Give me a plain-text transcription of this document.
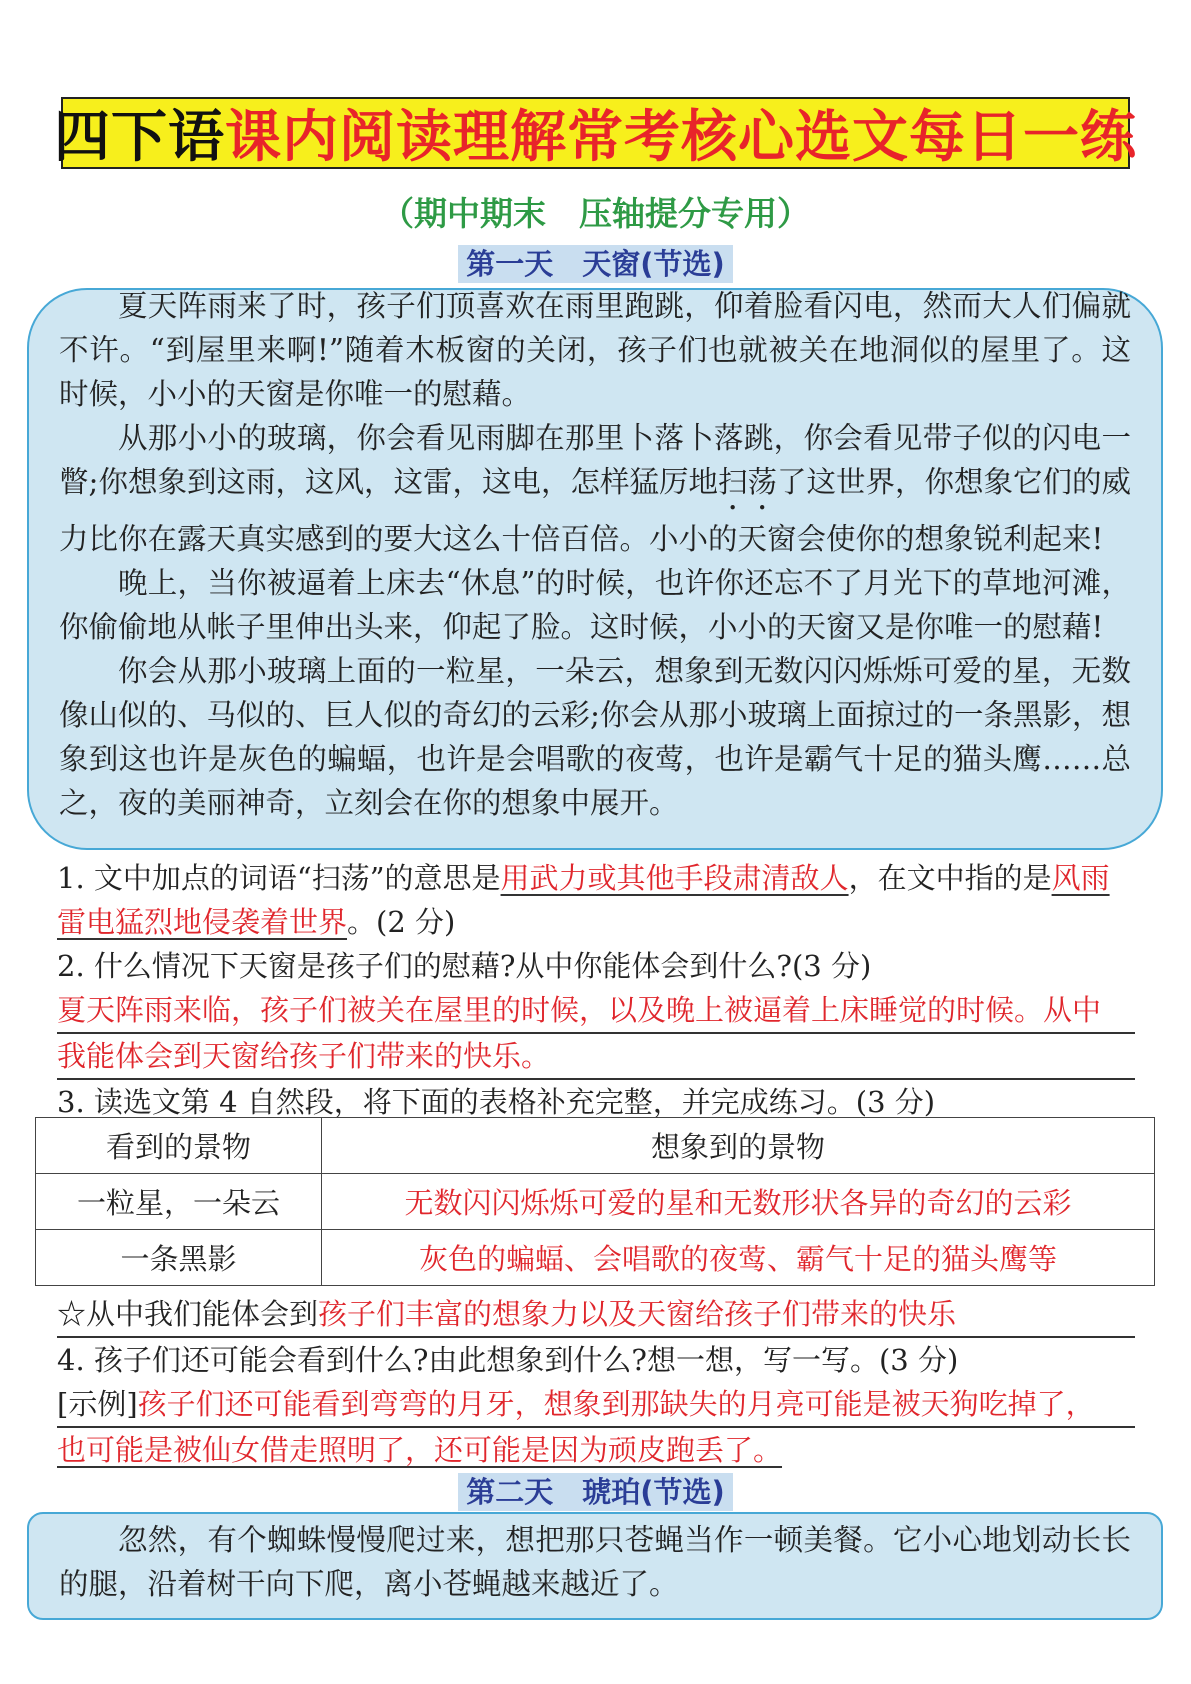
四下语 课内阅读理解常考核心选文每日一练
（期中期末　压轴提分专用）
第一天　天窗(节选)

夏天阵雨来了时，孩子们顶喜欢在雨里跑跳，仰着脸看闪电，然而大人们偏就不许。“到屋里来啊!”随着木板窗的关闭，孩子们也就被关在地洞似的屋里了。这时候，小小的天窗是你唯一的慰藉。

从那小小的玻璃，你会看见雨脚在那里卜落卜落跳，你会看见带子似的闪电一瞥;你想象到这雨，这风，这雷，这电，怎样猛厉地扫荡了这世界，你想象它们的威力比你在露天真实感到的要大这么十倍百倍。小小的天窗会使你的想象锐利起来!

晚上，当你被逼着上床去“休息”的时候，也许你还忘不了月光下的草地河滩，你偷偷地从帐子里伸出头来，仰起了脸。这时候，小小的天窗又是你唯一的慰藉!

你会从那小玻璃上面的一粒星，一朵云，想象到无数闪闪烁烁可爱的星，无数像山似的、马似的、巨人似的奇幻的云彩;你会从那小玻璃上面掠过的一条黑影，想象到这也许是灰色的蝙蝠，也许是会唱歌的夜莺，也许是霸气十足的猫头鹰……总之，夜的美丽神奇，立刻会在你的想象中展开。

1. 文中加点的词语“扫荡”的意思是用武力或其他手段肃清敌人，在文中指的是风雨雷电猛烈地侵袭着世界。(2 分)

2. 什么情况下天窗是孩子们的慰藉?从中你能体会到什么?(3 分)

夏天阵雨来临，孩子们被关在屋里的时候，以及晚上被逼着上床睡觉的时候。从中

我能体会到天窗给孩子们带来的快乐。

3. 读选文第 4 自然段，将下面的表格补充完整，并完成练习。(3 分)

看到的景物	想象到的景物
一粒星，一朵云	无数闪闪烁烁可爱的星和无数形状各异的奇幻的云彩
一条黑影	灰色的蝙蝠、会唱歌的夜莺、霸气十足的猫头鹰等

☆从中我们能体会到孩子们丰富的想象力以及天窗给孩子们带来的快乐

4. 孩子们还可能会看到什么?由此想象到什么?想一想，写一写。(3 分)

[示例]孩子们还可能看到弯弯的月牙，想象到那缺失的月亮可能是被天狗吃掉了，

也可能是被仙女借走照明了，还可能是因为顽皮跑丢了。

第二天　琥珀(节选)

忽然，有个蜘蛛慢慢爬过来，想把那只苍蝇当作一顿美餐。它小心地划动长长的腿，沿着树干向下爬，离小苍蝇越来越近了。
